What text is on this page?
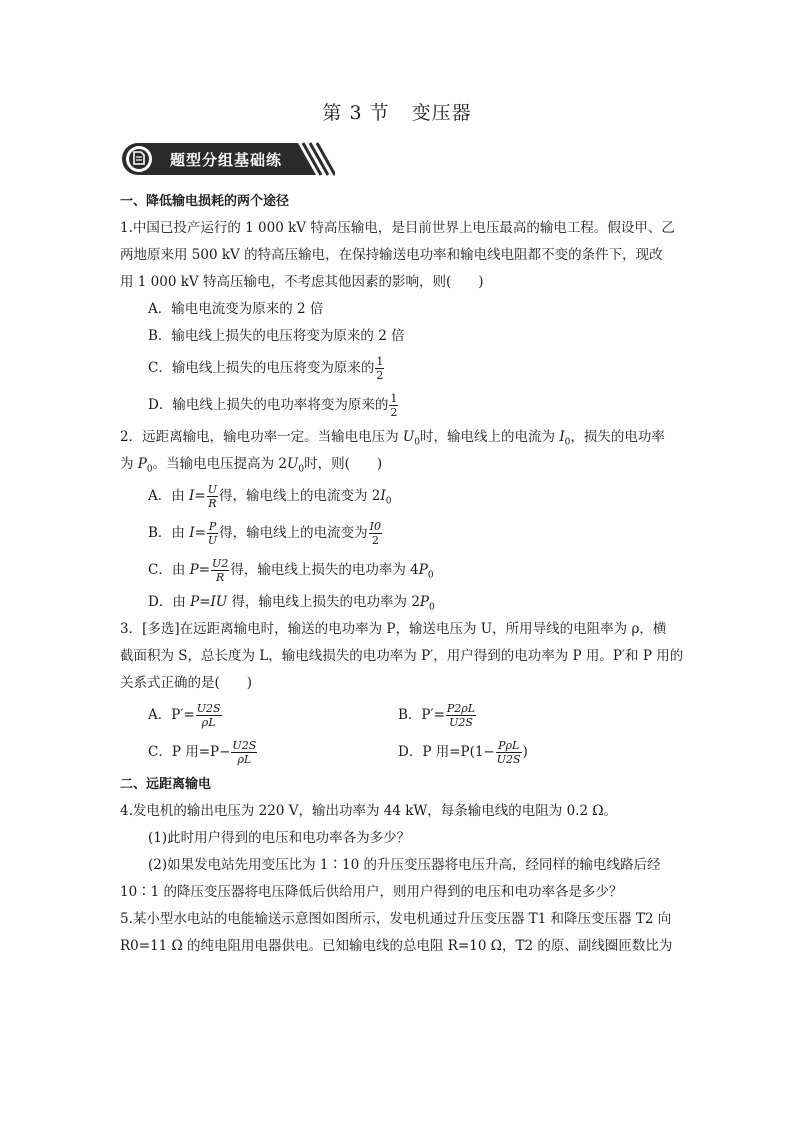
第 3 节 变压器
题型分组基础练
一、降低输电损耗的两个途径
1.中国已投产运行的 1 000 kV 特高压输电，是目前世界上电压最高的输电工程。假设甲、乙
两地原来用 500 kV 的特高压输电，在保持输送电功率和输电线电阻都不变的条件下，现改
用 1 000 kV 特高压输电，不考虑其他因素的影响，则(　　)
A．输电电流变为原来的 2 倍
B．输电线上损失的电压将变为原来的 2 倍
C．输电线上损失的电压将变为原来的 $\frac{1}{2}$
D．输电线上损失的电功率将变为原来的 $\frac{1}{2}$
2．远距离输电，输电功率一定。当输电电压为 $U_0$时，输电线上的电流为 $I_0$，损失的电功率
为 $P_0$。当输电电压提高为 $2U_0$时，则(　　)
A．由 $I= \frac{U}{R}$ 得，输电线上的电流变为 $2I_0$
B．由 $I= \frac{P}{U}$ 得，输电线上的电流变为 $\frac{I0}{2}$
C．由 $P= \frac{U2}{R}$ 得，输电线上损失的电功率为 $4P_0$
D．由 P=IU 得，输电线上损失的电功率为 $2P_0$
3．[多选]在远距离输电时，输送的电功率为 P，输送电压为 U，所用导线的电阻率为 ρ，横
截面积为 S，总长度为 L，输电线损失的电功率为 P′，用户得到的电功率为 P 用。P′和 P 用的
关系式正确的是(　　)
A．$P'= \frac{U2S}{\rho L}$	B．$P'= \frac{P2\rho L}{U2S}$
C．P 用$=P- \frac{U2S}{\rho L}$	D．P 用$=P(1- \frac{\text{PρL}}{U2S}$ )
二、远距离输电
4.发电机的输出电压为 220 V，输出功率为 44 kW，每条输电线的电阻为 0.2 Ω。
(1)此时用户得到的电压和电功率各为多少？
(2)如果发电站先用变压比为 1∶10 的升压变压器将电压升高，经同样的输电线路后经
10∶1 的降压变压器将电压降低后供给用户，则用户得到的电压和电功率各是多少？
5.某小型水电站的电能输送示意图如图所示，发电机通过升压变压器 T1 和降压变压器 T2 向
R0=11 Ω 的纯电阻用电器供电。已知输电线的总电阻 R=10 Ω，T2 的原、副线圈匝数比为
